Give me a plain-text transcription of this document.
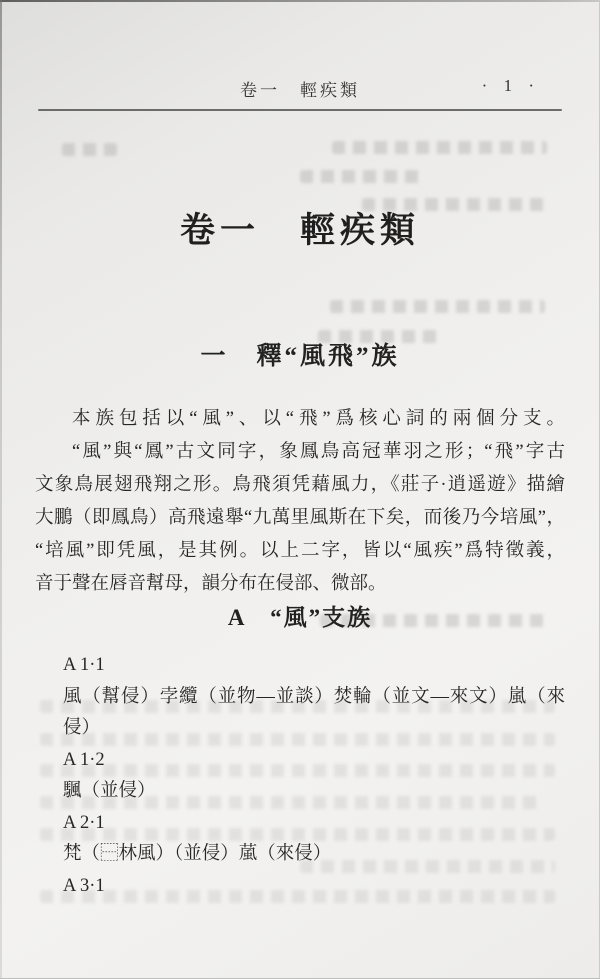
卷一　輕疾類	· 1 ·
卷一　輕疾類
一　釋“風飛”族
本族包括以“風”、以“飛”爲核心詞的兩個分支。
“風”與“鳳”古文同字，象鳳鳥高冠華羽之形；“飛”字古
文象鳥展翅飛翔之形。鳥飛須凭藉風力，《莊子·逍遥遊》描繪
大鵬（即鳳鳥）高飛遠舉“九萬里風斯在下矣，而後乃今培風”，
“培風”即凭風，是其例。以上二字，皆以“風疾”爲特徵義，
音于聲在唇音幫母，韻分布在侵部、微部。
A　“風”支族
A 1·1
風（幫侵）孛纜（並物—並談）焚輪（並文—來文）嵐（來
侵）
A 1·2
颿（並侵）
A 2·1
梵（⿱林風）（並侵）葻（來侵）
A 3·1
